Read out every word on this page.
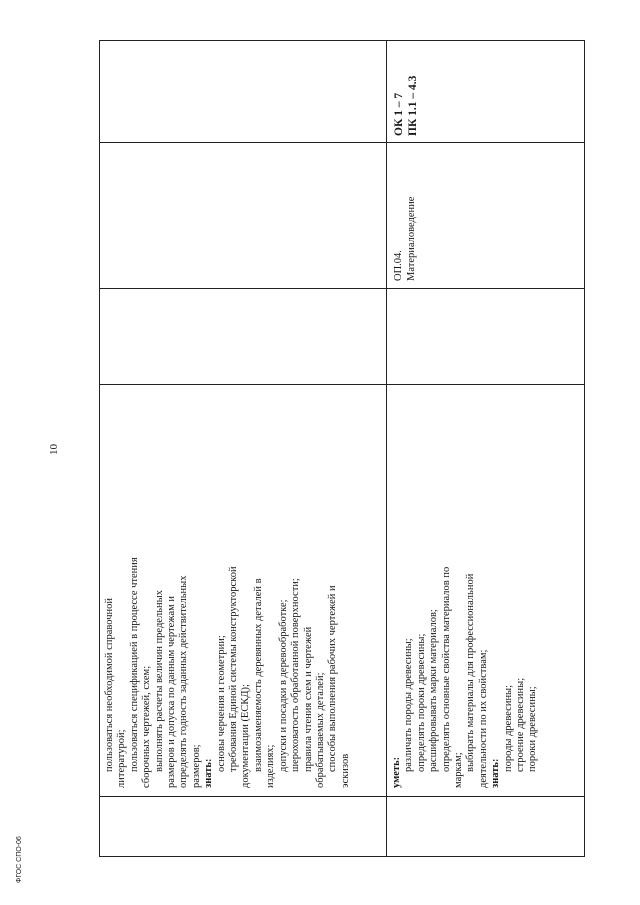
10
ФГОС СПО-06
пользоваться необходимой справочной литературой; пользоваться спецификацией в процессе чтения сборочных чертежей, схем; выполнять расчеты величин предельных размеров и допуска по данным чертежам и определять годность заданных действительных размеров; знать:
основы черчения и геометрии; требования Единой системы конструкторской документации (ЕСКД); взаимозаменяемость деревянных деталей в изделиях; допуски и посадки в деревообработке; шероховатость обработанной поверхности; правила чтения схем и чертежей обрабатываемых деталей; способы выполнения рабочих чертежей и эскизов	уметь:
различать породы древесины; определять пороки древесины; расшифровывать марки материалов; определять основные свойства материалов по маркам; выбирать материалы для профессиональной деятельности по их свойствам; знать:
породы древесины; строение древесины; пороки древесины;
ОП.04. Материаловедение
ОК 1 – 7 ПК 1.1 – 4.3
